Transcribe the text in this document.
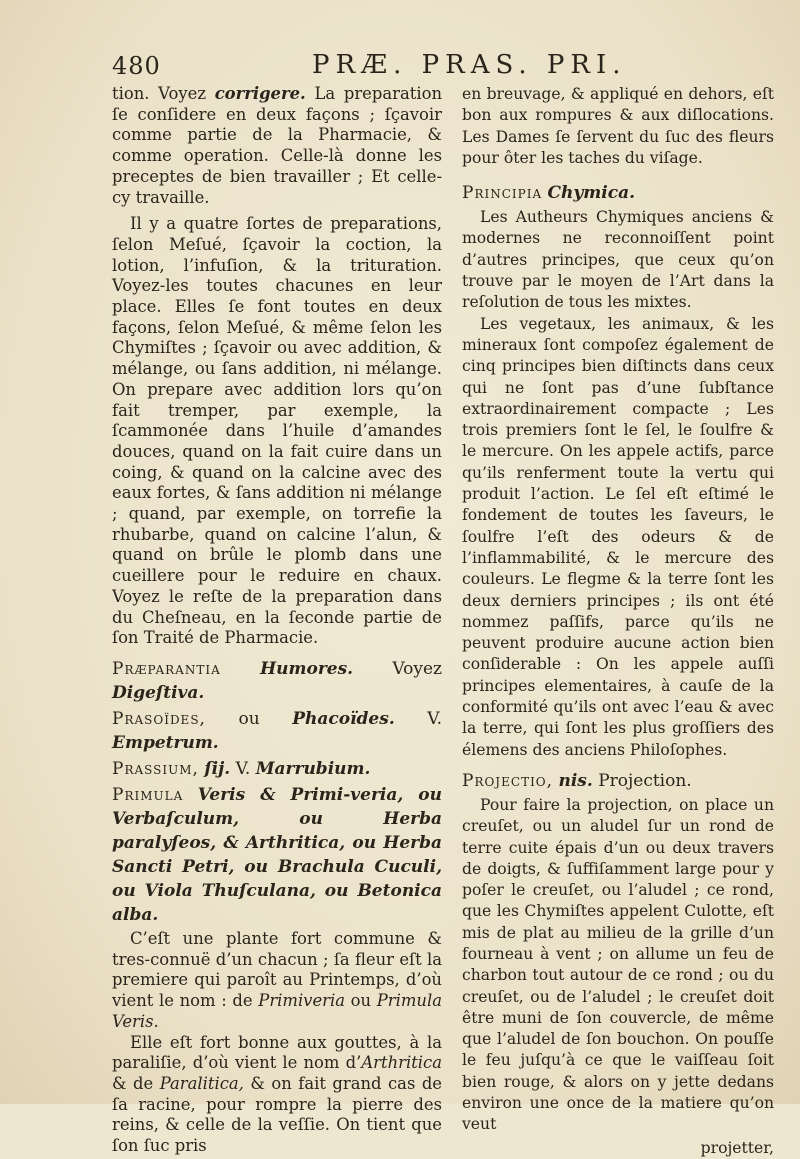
480	PRÆ. PRAS. PRI.

tion. Voyez corrigere. La preparation ſe conſidere en deux façons ; ſçavoir comme partie de la Pharmacie, & comme operation. Celle-là donne les preceptes de bien travailler ; Et celle-cy travaille.

Il y a quatre ſortes de preparations, ſelon Meſué, ſçavoir la coction, la lotion, l’infuſion, & la trituration. Voyez-les toutes chacunes en leur place. Elles ſe font toutes en deux façons, ſelon Meſué, & même ſelon les Chymiſtes ; ſçavoir ou avec addition, & mélange, ou ſans addition, ni mélange. On prepare avec addition lors qu’on fait tremper, par exemple, la ſcammonée dans l’huile d’amandes douces, quand on la fait cuire dans un coing, & quand on la calcine avec des eaux fortes, & ſans addition ni mélange ; quand, par exemple, on torrefie la rhubarbe, quand on calcine l’alun, & quand on brûle le plomb dans une cueillere pour le reduire en chaux. Voyez le reſte de la preparation dans du Cheſneau, en la ſeconde partie de ſon Traité de Pharmacie.

Præparantia Humores. Voyez Digeſtiva.
Praſoïdes, ou Phacoïdes. V. Empetrum.
Praſſium, ſij. V. Marrubium.
Primula Veris & Primi-veria, ou Verbaſculum, ou Herba paralyſeos, & Arthritica, ou Herba Sancti Petri, ou Brachula Cuculi, ou Viola Thuſculana, ou Betonica alba.

C’eſt une plante fort commune & tres-connuë d’un chacun ; ſa fleur eſt la premiere qui paroît au Printemps, d’où vient le nom : de Primiveria ou Primula Veris.

Elle eſt fort bonne aux gouttes, à la paraliſie, d’où vient le nom d’Arthritica & de Paralitica, & on fait grand cas de ſa racine, pour rompre la pierre des reins, & celle de la veſſie. On tient que ſon ſuc pris

en breuvage, & appliqué en dehors, eſt bon aux rompures & aux diſlocations. Les Dames ſe ſervent du ſuc des fleurs pour ôter les taches du viſage.

Principia Chymica.

Les Autheurs Chymiques anciens & modernes ne reconnoiſſent point d’autres principes, que ceux qu’on trouve par le moyen de l’Art dans la reſolution de tous les mixtes.

Les vegetaux, les animaux, & les mineraux ſont compoſez également de cinq principes bien diſtincts dans ceux qui ne ſont pas d’une ſubſtance extraordinairement compacte ; Les trois premiers ſont le ſel, le ſoulfre & le mercure. On les appele actifs, parce qu’ils renferment toute la vertu qui produit l’action. Le ſel eſt eſtimé le fondement de toutes les ſaveurs, le ſoulfre l’eſt des odeurs & de l’inflammabilité, & le mercure des couleurs. Le flegme & la terre ſont les deux derniers principes ; ils ont été nommez paſſifs, parce qu’ils ne peuvent produire aucune action bien conſiderable : On les appele auſſi principes elementaires, à cauſe de la conformité qu’ils ont avec l’eau & avec la terre, qui ſont les plus groſſiers des élemens des anciens Philoſophes.

Projectio, nis. Projection.

Pour faire la projection, on place un creuſet, ou un aludel ſur un rond de terre cuite épais d’un ou deux travers de doigts, & ſuffiſamment large pour y poſer le creuſet, ou l’aludel ; ce rond, que les Chymiſtes appelent Culotte, eſt mis de plat au milieu de la grille d’un fourneau à vent ; on allume un feu de charbon tout autour de ce rond ; ou du creuſet, ou de l’aludel ; le creuſet doit être muni de ſon couvercle, de même que l’aludel de ſon bouchon. On pouſſe le feu juſqu’à ce que le vaiſſeau ſoit bien rouge, & alors on y jette dedans environ une once de la matiere qu’on veut

projetter,
